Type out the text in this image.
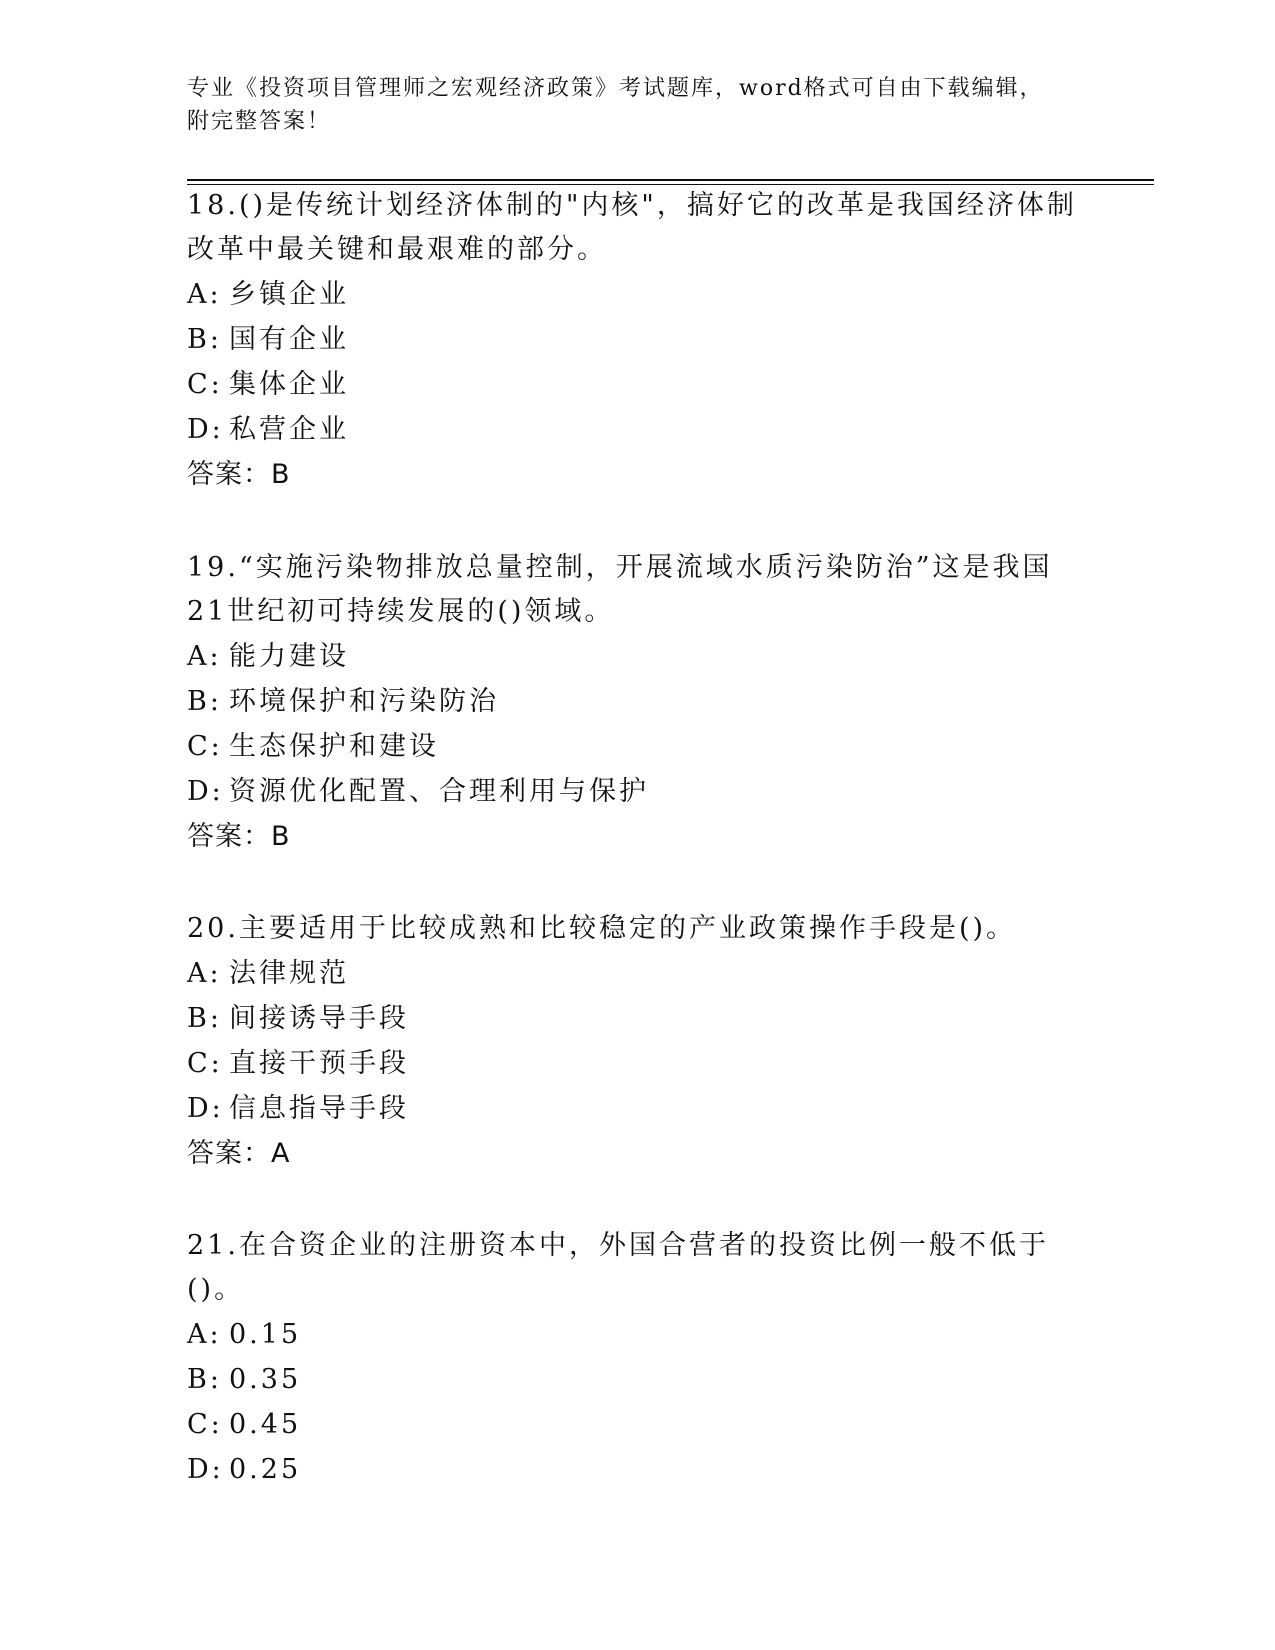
专业《投资项目管理师之宏观经济政策》考试题库，word格式可自由下载编辑，
附完整答案！

18.()是传统计划经济体制的"内核"，搞好它的改革是我国经济体制改革中最关键和最艰难的部分。

A: 乡镇企业

B: 国有企业

C: 集体企业

D: 私营企业

答案：B

19.“实施污染物排放总量控制，开展流域水质污染防治”这是我国21世纪初可持续发展的()领域。

A: 能力建设

B: 环境保护和污染防治

C: 生态保护和建设

D: 资源优化配置、合理利用与保护

答案：B

20.主要适用于比较成熟和比较稳定的产业政策操作手段是()。

A: 法律规范

B: 间接诱导手段

C: 直接干预手段

D: 信息指导手段

答案：A

21.在合资企业的注册资本中，外国合营者的投资比例一般不低于()。

A: 0.15

B: 0.35

C: 0.45

D: 0.25
